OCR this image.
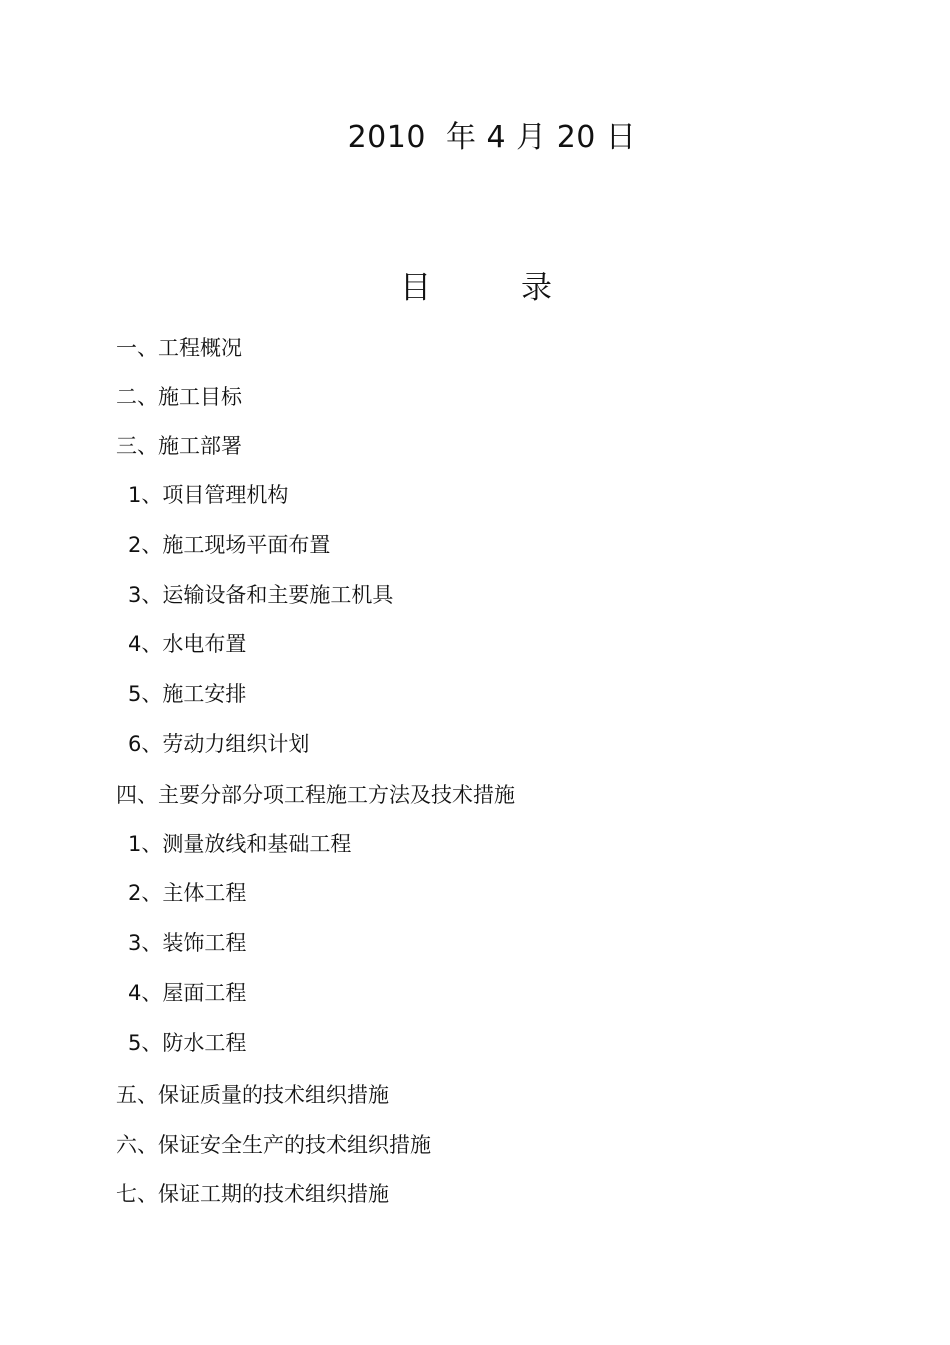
2010  年 4 月 20 日
目	录
一、工程概况
二、施工目标
三、施工部署
1、项目管理机构
2、施工现场平面布置
3、运输设备和主要施工机具
4、水电布置
5、施工安排
6、劳动力组织计划
四、主要分部分项工程施工方法及技术措施
1、测量放线和基础工程
2、主体工程
3、装饰工程
4、屋面工程
5、防水工程
五、保证质量的技术组织措施
六、保证安全生产的技术组织措施
七、保证工期的技术组织措施
